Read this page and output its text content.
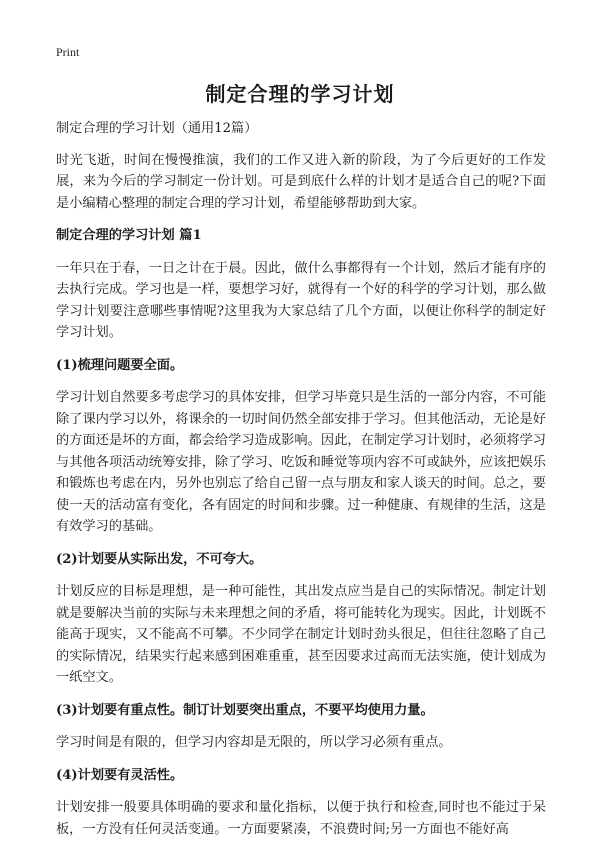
Print
制定合理的学习计划

制定合理的学习计划（通用12篇）

时光飞逝，时间在慢慢推演，我们的工作又进入新的阶段，为了今后更好的工作发展，来为今后的学习制定一份计划。可是到底什么样的计划才是适合自己的呢?下面是小编精心整理的制定合理的学习计划，希望能够帮助到大家。

制定合理的学习计划 篇1

一年只在于春，一日之计在于晨。因此，做什么事都得有一个计划，然后才能有序的去执行完成。学习也是一样，要想学习好，就得有一个好的科学的学习计划，那么做学习计划要注意哪些事情呢?这里我为大家总结了几个方面，以便让你科学的制定好学习计划。

(1)梳理问题要全面。

学习计划自然要多考虑学习的具体安排，但学习毕竟只是生活的一部分内容，不可能除了课内学习以外，将课余的一切时间仍然全部安排于学习。但其他活动，无论是好的方面还是坏的方面，都会给学习造成影响。因此，在制定学习计划时，必须将学习与其他各项活动统筹安排，除了学习、吃饭和睡觉等项内容不可或缺外，应该把娱乐和锻炼也考虑在内，另外也别忘了给自己留一点与朋友和家人谈天的时间。总之，要使一天的活动富有变化，各有固定的时间和步骤。过一种健康、有规律的生活，这是有效学习的基础。

(2)计划要从实际出发，不可夸大。

计划反应的目标是理想，是一种可能性，其出发点应当是自己的实际情况。制定计划就是要解决当前的实际与未来理想之间的矛盾，将可能转化为现实。因此，计划既不能高于现实，又不能高不可攀。不少同学在制定计划时劲头很足，但往往忽略了自己的实际情况，结果实行起来感到困难重重，甚至因要求过高而无法实施，使计划成为一纸空文。

(3)计划要有重点性。制订计划要突出重点，不要平均使用力量。

学习时间是有限的，但学习内容却是无限的，所以学习必须有重点。

(4)计划要有灵活性。

计划安排一般要具体明确的要求和量化指标，以便于执行和检查,同时也不能过于呆板，一方没有任何灵活变通。一方面要紧凑，不浪费时间;另一方面也不能好高
